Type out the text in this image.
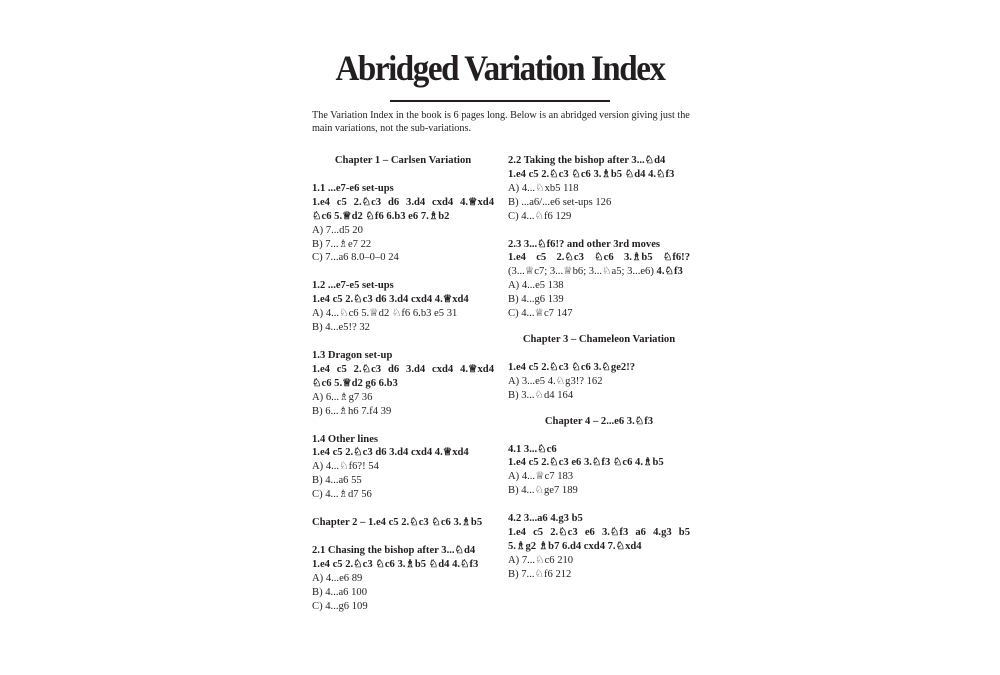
Abridged Variation Index
The Variation Index in the book is 6 pages long. Below is an abridged version giving just the main variations, not the sub-variations.
Chapter 1 – Carlsen Variation
1.1 ...e7-e6 set-ups
1.e4 c5 2.♘c3 d6 3.d4 cxd4 4.♕xd4
♘c6 5.♕d2 ♘f6 6.b3 e6 7.♗b2
A) 7...d5 20
B) 7...♗e7 22
C) 7...a6 8.0–0–0 24
1.2 ...e7-e5 set-ups
1.e4 c5 2.♘c3 d6 3.d4 cxd4 4.♕xd4
A) 4...♘c6 5.♕d2 ♘f6 6.b3 e5 31
B) 4...e5!? 32
1.3 Dragon set-up
1.e4 c5 2.♘c3 d6 3.d4 cxd4 4.♕xd4
♘c6 5.♕d2 g6 6.b3
A) 6...♗g7 36
B) 6...♗h6 7.f4 39
1.4 Other lines
1.e4 c5 2.♘c3 d6 3.d4 cxd4 4.♕xd4
A) 4...♘f6?! 54
B) 4...a6 55
C) 4...♗d7 56
Chapter 2 – 1.e4 c5 2.♘c3 ♘c6 3.♗b5
2.1 Chasing the bishop after 3...♘d4
1.e4 c5 2.♘c3 ♘c6 3.♗b5 ♘d4 4.♘f3
A) 4...e6 89
B) 4...a6 100
C) 4...g6 109
2.2 Taking the bishop after 3...♘d4
1.e4 c5 2.♘c3 ♘c6 3.♗b5 ♘d4 4.♘f3
A) 4...♘xb5 118
B) ...a6/...e6 set-ups 126
C) 4...♘f6 129
2.3 3...♘f6!? and other 3rd moves
1.e4 c5 2.♘c3 ♘c6 3.♗b5 ♘f6!?
(3...♕c7; 3...♕b6; 3...♘a5; 3...e6) 4.♘f3
A) 4...e5 138
B) 4...g6 139
C) 4...♕c7 147
Chapter 3 – Chameleon Variation
1.e4 c5 2.♘c3 ♘c6 3.♘ge2!?
A) 3...e5 4.♘g3!? 162
B) 3...♘d4 164
Chapter 4 – 2...e6 3.♘f3
4.1 3...♘c6
1.e4 c5 2.♘c3 e6 3.♘f3 ♘c6 4.♗b5
A) 4...♕c7 183
B) 4...♘ge7 189
4.2 3...a6 4.g3 b5
1.e4 c5 2.♘c3 e6 3.♘f3 a6 4.g3 b5
5.♗g2 ♗b7 6.d4 cxd4 7.♘xd4
A) 7...♘c6 210
B) 7...♘f6 212
